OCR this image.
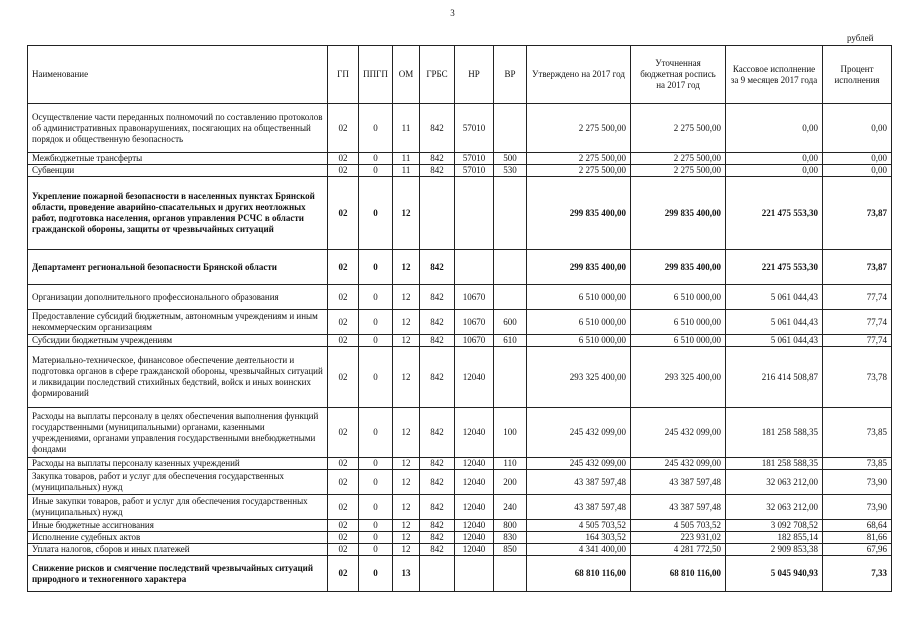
3
рублей
Наименование	ГП	ППГП	ОМ	ГРБС	НР	ВР	Утверждено на 2017 год	Уточненная бюджетная роспись на 2017 год	Кассовое исполнение за 9 месяцев 2017 года	Процент исполнения
Осуществление части переданных полномочий по составлению протоколов об административных правонарушениях, посягающих на общественный порядок и общественную безопасность	02	0	11	842	57010		2 275 500,00	2 275 500,00	0,00	0,00
Межбюджетные трансферты	02	0	11	842	57010	500	2 275 500,00	2 275 500,00	0,00	0,00
Субвенции	02	0	11	842	57010	530	2 275 500,00	2 275 500,00	0,00	0,00
Укрепление пожарной безопасности в населенных пунктах Брянской области, проведение аварийно-спасательных и других неотложных работ, подготовка населения, органов управления РСЧС в области гражданской обороны, защиты от чрезвычайных ситуаций	02	0	12				299 835 400,00	299 835 400,00	221 475 553,30	73,87
Департамент региональной безопасности Брянской области	02	0	12	842			299 835 400,00	299 835 400,00	221 475 553,30	73,87
Организации дополнительного профессионального образования	02	0	12	842	10670		6 510 000,00	6 510 000,00	5 061 044,43	77,74
Предоставление субсидий бюджетным, автономным учреждениям и иным некоммерческим организациям	02	0	12	842	10670	600	6 510 000,00	6 510 000,00	5 061 044,43	77,74
Субсидии бюджетным учреждениям	02	0	12	842	10670	610	6 510 000,00	6 510 000,00	5 061 044,43	77,74
Материально-техническое, финансовое обеспечение деятельности и подготовка органов в сфере гражданской обороны, чрезвычайных ситуаций и ликвидации последствий стихийных бедствий, войск и иных воинских формирований	02	0	12	842	12040		293 325 400,00	293 325 400,00	216 414 508,87	73,78
Расходы на выплаты персоналу в целях обеспечения выполнения функций государственными (муниципальными) органами, казенными учреждениями, органами управления государственными внебюджетными фондами	02	0	12	842	12040	100	245 432 099,00	245 432 099,00	181 258 588,35	73,85
Расходы на выплаты персоналу казенных учреждений	02	0	12	842	12040	110	245 432 099,00	245 432 099,00	181 258 588,35	73,85
Закупка товаров, работ и услуг для обеспечения государственных (муниципальных) нужд	02	0	12	842	12040	200	43 387 597,48	43 387 597,48	32 063 212,00	73,90
Иные закупки товаров, работ и услуг для обеспечения государственных (муниципальных) нужд	02	0	12	842	12040	240	43 387 597,48	43 387 597,48	32 063 212,00	73,90
Иные бюджетные ассигнования	02	0	12	842	12040	800	4 505 703,52	4 505 703,52	3 092 708,52	68,64
Исполнение судебных актов	02	0	12	842	12040	830	164 303,52	223 931,02	182 855,14	81,66
Уплата налогов, сборов и иных платежей	02	0	12	842	12040	850	4 341 400,00	4 281 772,50	2 909 853,38	67,96
Снижение рисков и смягчение последствий чрезвычайных ситуаций природного и техногенного характера	02	0	13				68 810 116,00	68 810 116,00	5 045 940,93	7,33
